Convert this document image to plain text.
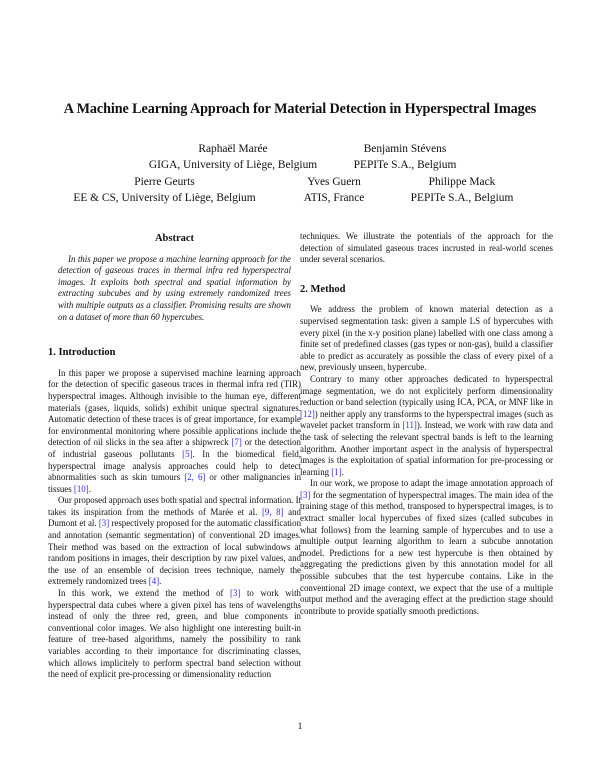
A Machine Learning Approach for Material Detection in Hyperspectral Images
Raphaël Marée
GIGA, University of Liège, Belgium
Benjamin Stévens
PEPITe S.A., Belgium
Pierre Geurts
EE & CS, University of Liège, Belgium
Yves Guern
ATIS, France
Philippe Mack
PEPITe S.A., Belgium
Abstract

In this paper we propose a machine learning approach for the detection of gaseous traces in thermal infra red hyperspectral images. It exploits both spectral and spatial information by extracting subcubes and by using extremely randomized trees with multiple outputs as a classifier. Promising results are shown on a dataset of more than 60 hypercubes.

1. Introduction

In this paper we propose a supervised machine learning approach for the detection of specific gaseous traces in thermal infra red (TIR) hyperspectral images. Although invisible to the human eye, different materials (gases, liquids, solids) exhibit unique spectral signatures. Automatic detection of these traces is of great importance, for example for environmental monitoring where possible applications include the detection of oil slicks in the sea after a shipwreck [7] or the detection of industrial gaseous pollutants [5]. In the biomedical field, hyperspectral image analysis approaches could help to detect abnormalities such as skin tumours [2, 6] or other malignancies in tissues [10].

Our proposed approach uses both spatial and spectral information. It takes its inspiration from the methods of Marée et al. [9, 8] and Dumont et al. [3] respectively proposed for the automatic classification and annotation (semantic segmentation) of conventional 2D images. Their method was based on the extraction of local subwindows at random positions in images, their description by raw pixel values, and the use of an ensemble of decision trees technique, namely the extremely randomized trees [4].

In this work, we extend the method of [3] to work with hyperspectral data cubes where a given pixel has tens of wavelengths instead of only the three red, green, and blue components in conventional color images. We also highlight one interesting built-in feature of tree-based algorithms, namely the possibility to rank variables according to their importance for discriminating classes, which allows implicitely to perform spectral band selection without the need of explicit pre-processing or dimensionality reduction

techniques. We illustrate the potentials of the approach for the detection of simulated gaseous traces incrusted in real-world scenes under several scenarios.
2. Method

We address the problem of known material detection as a supervised segmentation task: given a sample LS of hypercubes with every pixel (in the x-y position plane) labelled with one class among a finite set of predefined classes (gas types or non-gas), build a classifier able to predict as accurately as possible the class of every pixel of a new, previously unseen, hypercube.

Contrary to many other approaches dedicated to hyperspectral image segmentation, we do not explicitely perform dimensionality reduction or band selection (typically using ICA, PCA, or MNF like in [12]) neither apply any transforms to the hyperspectral images (such as wavelet packet transform in [11]). Instead, we work with raw data and the task of selecting the relevant spectral bands is left to the learning algorithm. Another important aspect in the analysis of hyperspectral images is the exploitation of spatial information for pre-processing or learning [1].

In our work, we propose to adapt the image annotation approach of [3] for the segmentation of hyperspectral images. The main idea of the training stage of this method, transposed to hyperspectral images, is to extract smaller local hypercubes of fixed sizes (called subcubes in what follows) from the learning sample of hypercubes and to use a multiple output learning algorithm to learn a subcube annotation model. Predictions for a new test hypercube is then obtained by aggregating the predictions given by this annotation model for all possible subcubes that the test hypercube contains. Like in the conventional 2D image context, we expect that the use of a multiple output method and the averaging effect at the prediction stage should contribute to provide spatially smooth predictions.

1
